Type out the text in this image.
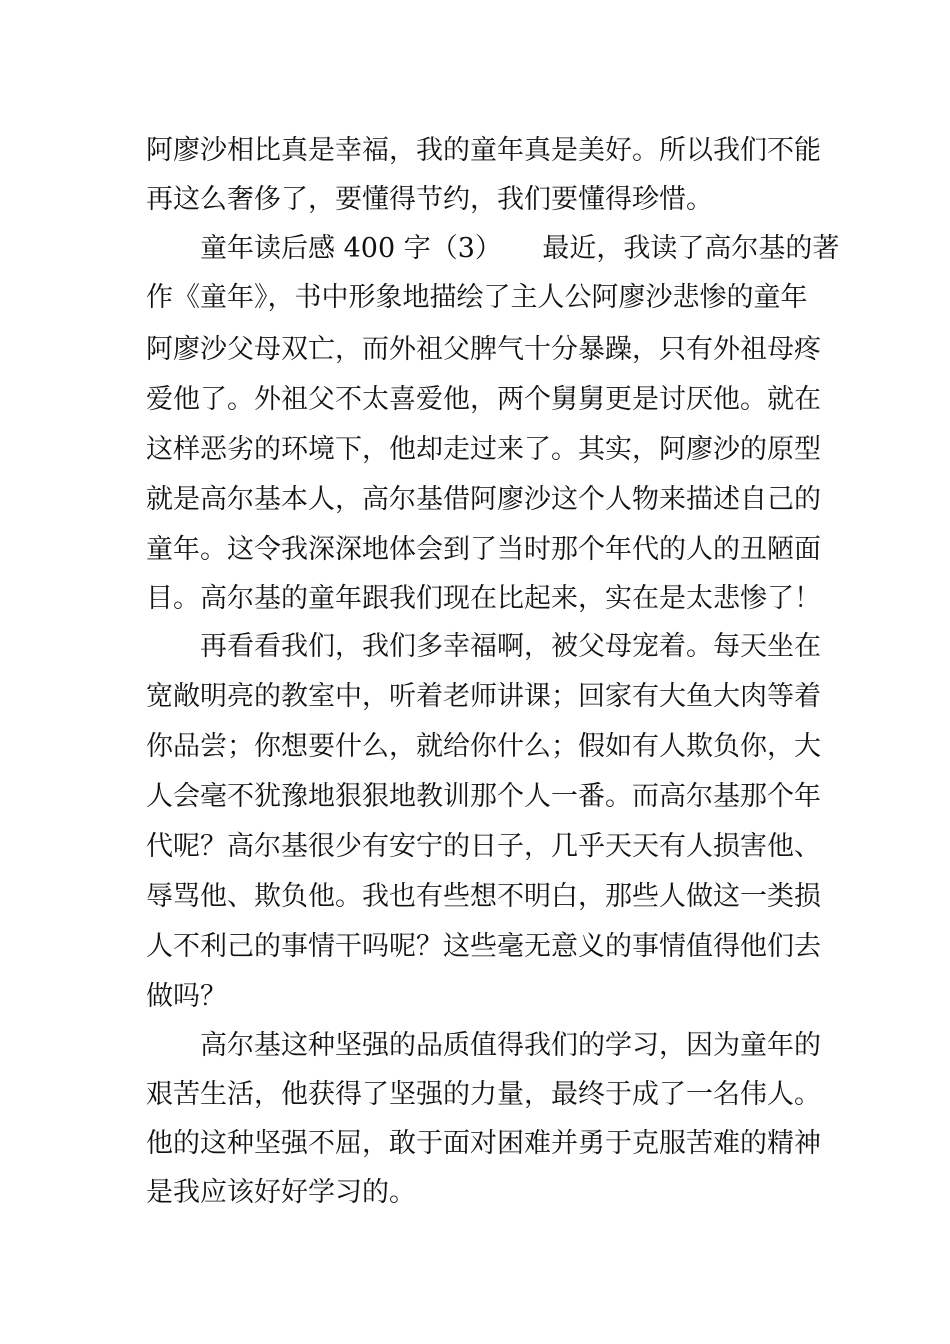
阿廖沙相比真是幸福，我的童年真是美好。所以我们不能
再这么奢侈了，要懂得节约，我们要懂得珍惜。
童年读后感 400 字（3）　　最近，我读了高尔基的著
作《童年》，书中形象地描绘了主人公阿廖沙悲惨的童年
阿廖沙父母双亡，而外祖父脾气十分暴躁，只有外祖母疼
爱他了。外祖父不太喜爱他，两个舅舅更是讨厌他。就在
这样恶劣的环境下，他却走过来了。其实，阿廖沙的原型
就是高尔基本人，高尔基借阿廖沙这个人物来描述自己的
童年。这令我深深地体会到了当时那个年代的人的丑陋面
目。高尔基的童年跟我们现在比起来，实在是太悲惨了！
再看看我们，我们多幸福啊，被父母宠着。每天坐在
宽敞明亮的教室中，听着老师讲课；回家有大鱼大肉等着
你品尝；你想要什么，就给你什么；假如有人欺负你，大
人会毫不犹豫地狠狠地教训那个人一番。而高尔基那个年
代呢？高尔基很少有安宁的日子，几乎天天有人损害他、
辱骂他、欺负他。我也有些想不明白，那些人做这一类损
人不利己的事情干吗呢？这些毫无意义的事情值得他们去
做吗？
高尔基这种坚强的品质值得我们的学习，因为童年的
艰苦生活，他获得了坚强的力量，最终于成了一名伟人。
他的这种坚强不屈，敢于面对困难并勇于克服苦难的精神
是我应该好好学习的。
